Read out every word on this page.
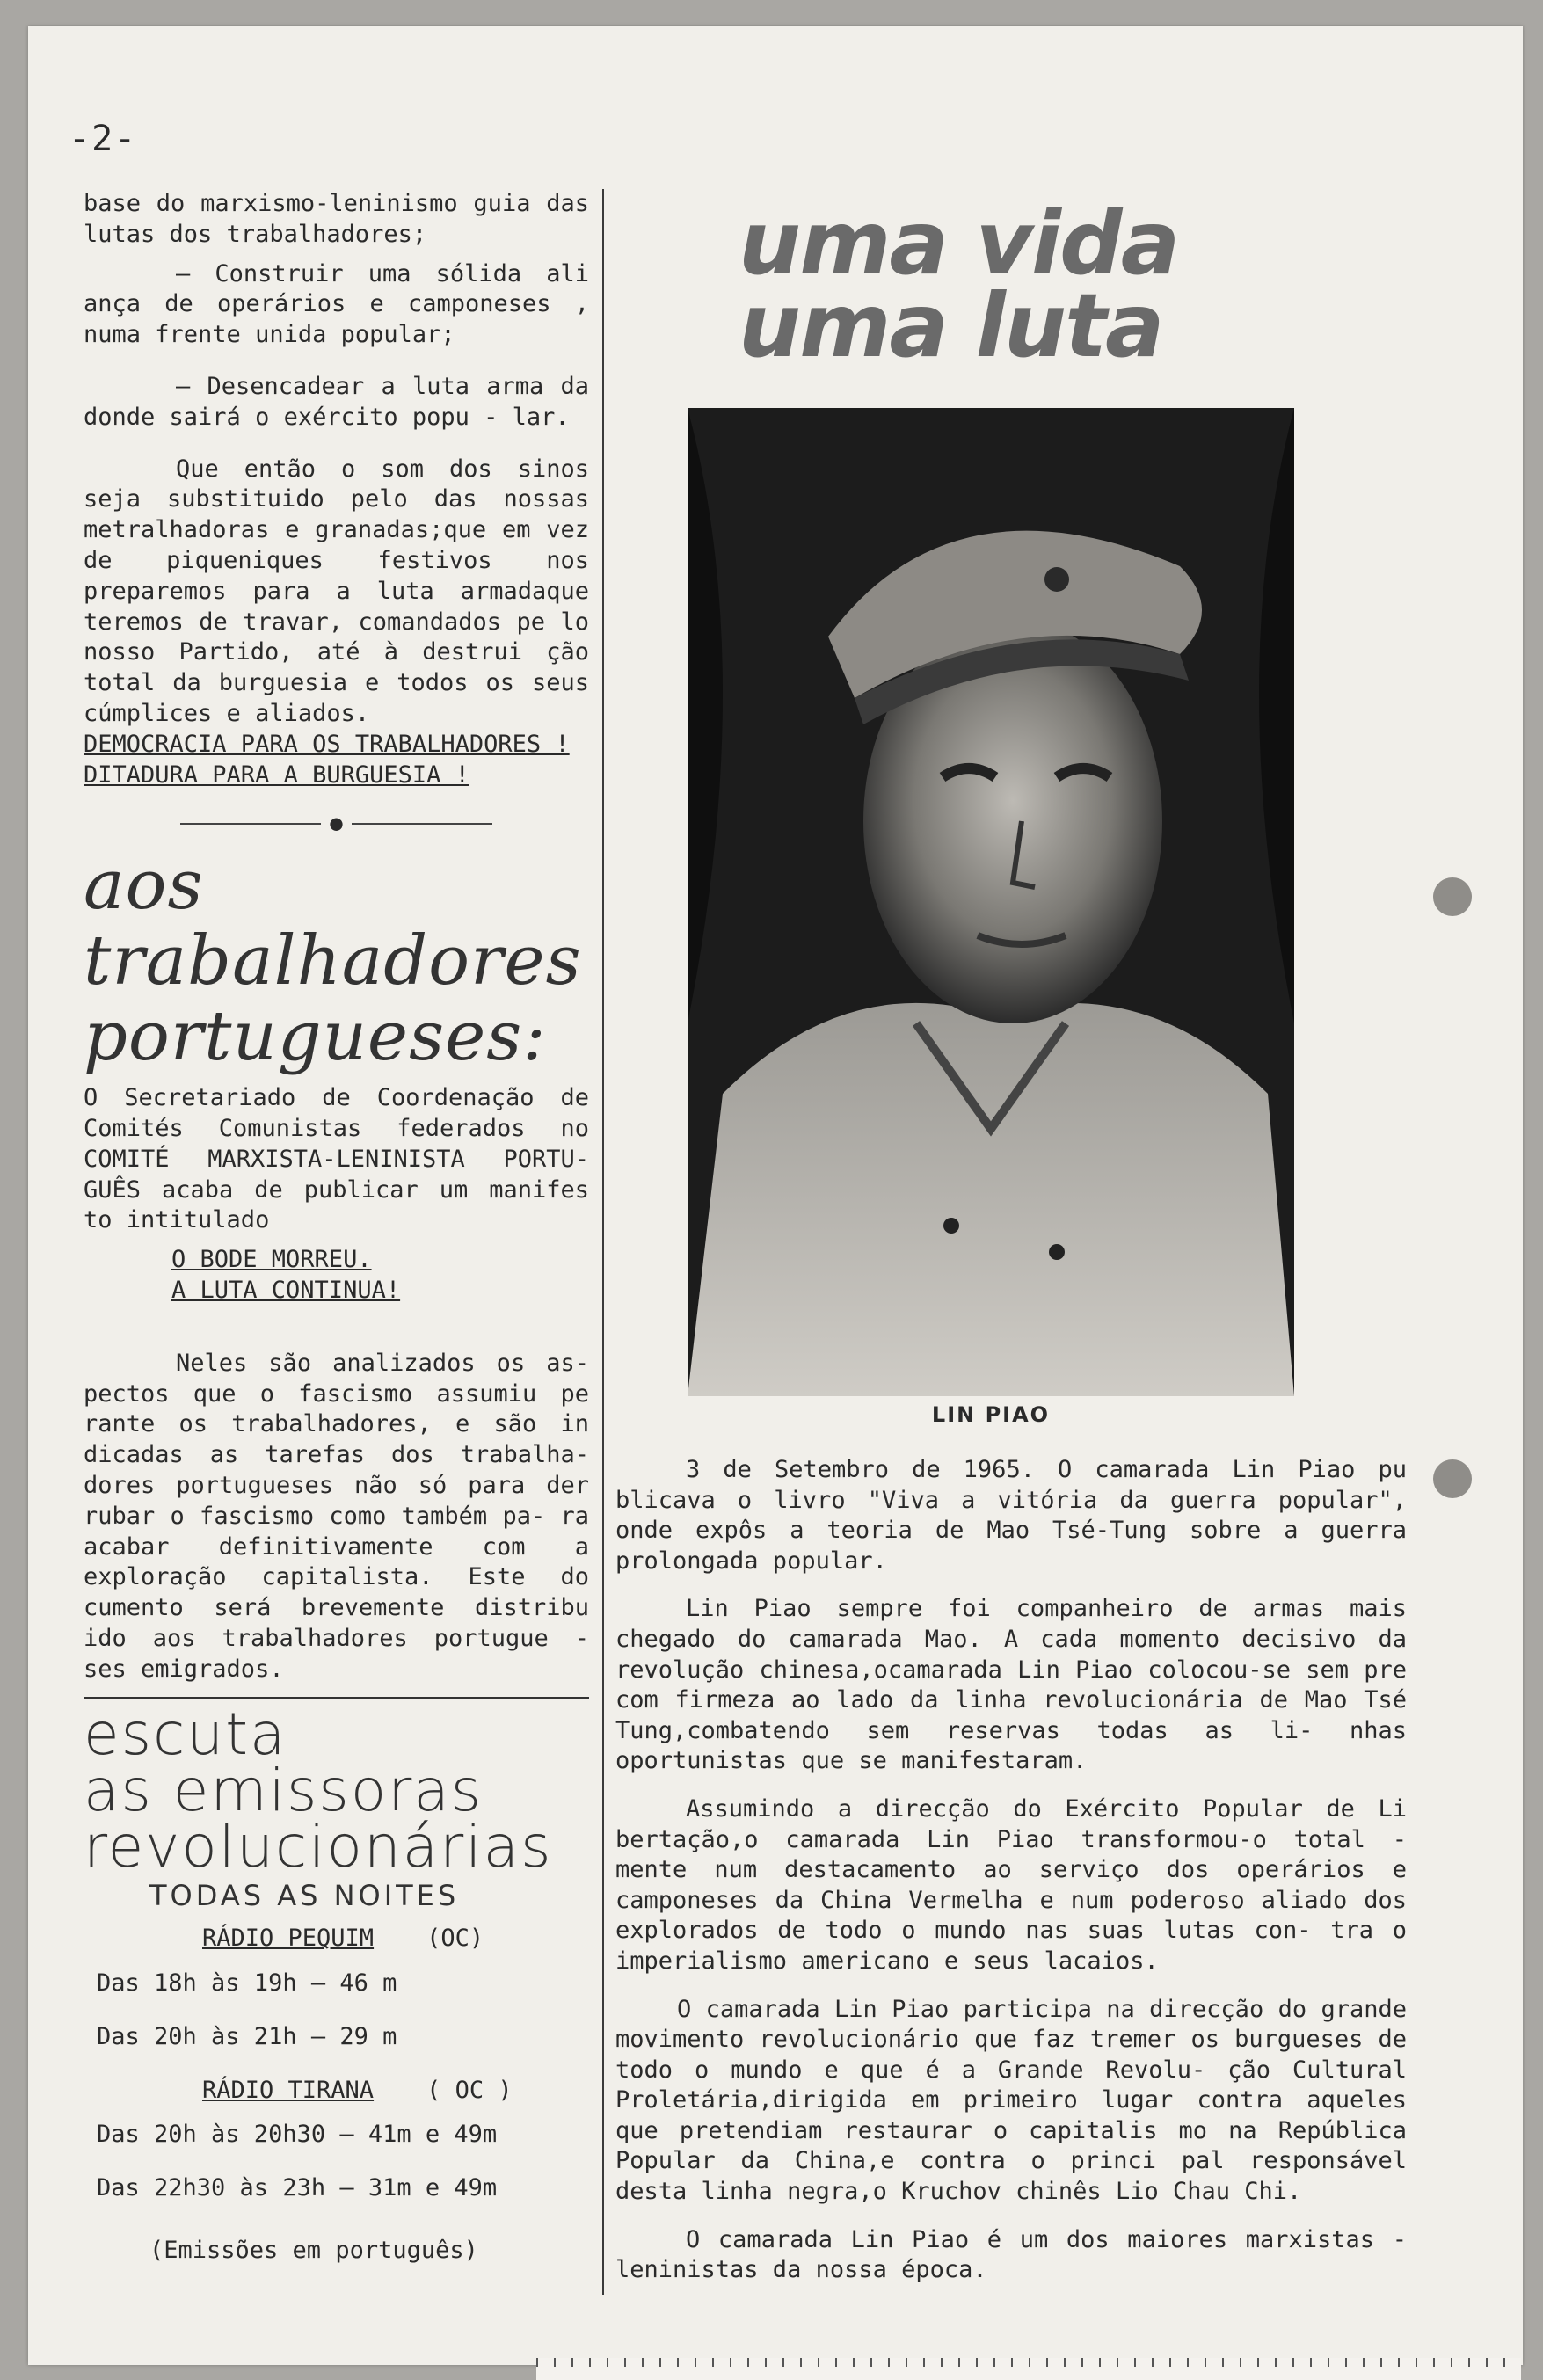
-2-

base do marxismo-leninismo guia das lutas dos trabalhadores;

— Construir uma sólida ali ança de operários e camponeses , numa frente unida popular;

— Desencadear a luta arma da donde sairá o exército popu - lar.

Que então o som dos sinos seja substituido pelo das nossas metralhadoras e granadas;que em vez de piqueniques festivos nos preparemos para a luta armadaque teremos de travar, comandados pe lo nosso Partido, até à destrui ção total da burguesia e todos os seus cúmplices e aliados.

DEMOCRACIA PARA OS TRABALHADORES !

DITADURA PARA A BURGUESIA !

●
aos
trabalhadores
portugueses:

O Secretariado de Coordenação de Comités Comunistas federados no COMITÉ MARXISTA-LENINISTA PORTU- GUÊS acaba de publicar um manifes to intitulado

O BODE MORREU.
A LUTA CONTINUA!

Neles são analizados os as- pectos que o fascismo assumiu pe rante os trabalhadores, e são in dicadas as tarefas dos trabalha- dores portugueses não só para der rubar o fascismo como também pa- ra acabar definitivamente com a exploração capitalista. Este do cumento será brevemente distribu ido aos trabalhadores portugue - ses emigrados.

escuta
as emissoras
revolucionárias
TODAS AS NOITES
RÁDIO PEQUIM (OC)
Das 18h às 19h — 46 m
Das 20h às 21h — 29 m
RÁDIO TIRANA ( OC )
Das 20h às 20h30 — 41m e 49m
Das 22h30 às 23h — 31m e 49m
(Emissões em português)
uma vida
uma luta
LIN PIAO

3 de Setembro de 1965. O camarada Lin Piao pu blicava o livro "Viva a vitória da guerra popular", onde expôs a teoria de Mao Tsé-Tung sobre a guerra prolongada popular.

Lin Piao sempre foi companheiro de armas mais chegado do camarada Mao. A cada momento decisivo da revolução chinesa,ocamarada Lin Piao colocou-se sem pre com firmeza ao lado da linha revolucionária de Mao Tsé Tung,combatendo sem reservas todas as li- nhas oportunistas que se manifestaram.

Assumindo a direcção do Exército Popular de Li bertação,o camarada Lin Piao transformou-o total - mente num destacamento ao serviço dos operários e camponeses da China Vermelha e num poderoso aliado dos explorados de todo o mundo nas suas lutas con- tra o imperialismo americano e seus lacaios.

O camarada Lin Piao participa na direcção do grande movimento revolucionário que faz tremer os burgueses de todo o mundo e que é a Grande Revolu- ção Cultural Proletária,dirigida em primeiro lugar contra aqueles que pretendiam restaurar o capitalis mo na República Popular da China,e contra o princi pal responsável desta linha negra,o Kruchov chinês Lio Chau Chi.

O camarada Lin Piao é um dos maiores marxistas -leninistas da nossa época.
